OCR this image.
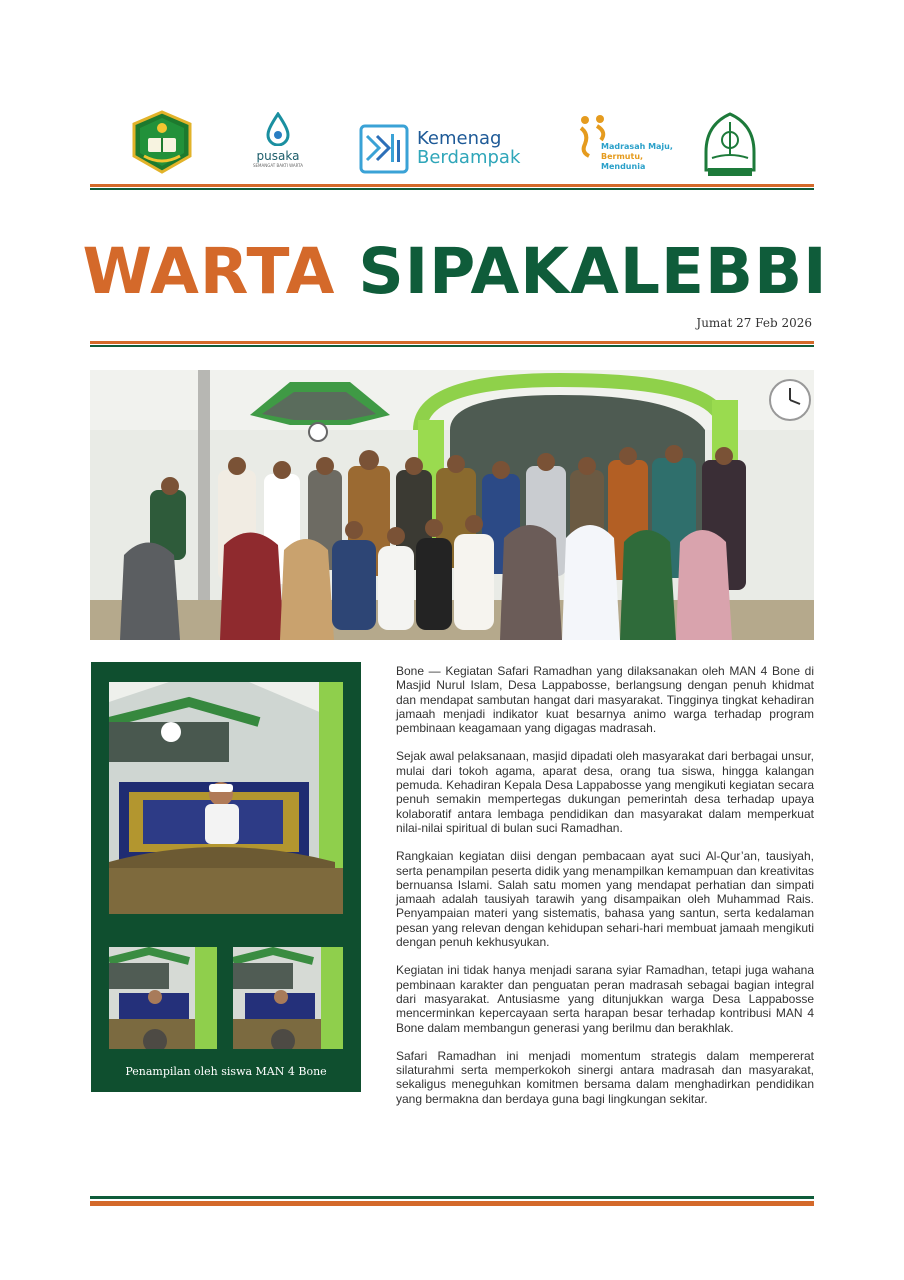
pusaka
SEMANGAT BAKTI WARTA
Kemenag
Berdampak
Madrasah Maju,
Bermutu,
Mendunia
WARTA SIPAKALEBBI
Jumat 27 Feb 2026
Penampilan oleh siswa MAN 4 Bone

Bone — Kegiatan Safari Ramadhan yang dilaksanakan oleh MAN 4 Bone di Masjid Nurul Islam, Desa Lappabosse, berlangsung dengan penuh khidmat dan mendapat sambutan hangat dari masyarakat. Tingginya tingkat kehadiran jamaah menjadi indikator kuat besarnya animo warga terhadap program pembinaan keagamaan yang digagas madrasah.

Sejak awal pelaksanaan, masjid dipadati oleh masyarakat dari berbagai unsur, mulai dari tokoh agama, aparat desa, orang tua siswa, hingga kalangan pemuda. Kehadiran Kepala Desa Lappabosse yang mengikuti kegiatan secara penuh semakin mempertegas dukungan pemerintah desa terhadap upaya kolaboratif antara lembaga pendidikan dan masyarakat dalam memperkuat nilai-nilai spiritual di bulan suci Ramadhan.

Rangkaian kegiatan diisi dengan pembacaan ayat suci Al-Qur’an, tausiyah, serta penampilan peserta didik yang menampilkan kemampuan dan kreativitas bernuansa Islami. Salah satu momen yang mendapat perhatian dan simpati jamaah adalah tausiyah tarawih yang disampaikan oleh Muhammad Rais. Penyampaian materi yang sistematis, bahasa yang santun, serta kedalaman pesan yang relevan dengan kehidupan sehari-hari membuat jamaah mengikuti dengan penuh kekhusyukan.

Kegiatan ini tidak hanya menjadi sarana syiar Ramadhan, tetapi juga wahana pembinaan karakter dan penguatan peran madrasah sebagai bagian integral dari masyarakat. Antusiasme yang ditunjukkan warga Desa Lappabosse mencerminkan kepercayaan serta harapan besar terhadap kontribusi MAN 4 Bone dalam membangun generasi yang berilmu dan berakhlak.

Safari Ramadhan ini menjadi momentum strategis dalam mempererat silaturahmi serta memperkokoh sinergi antara madrasah dan masyarakat, sekaligus meneguhkan komitmen bersama dalam menghadirkan pendidikan yang bermakna dan berdaya guna bagi lingkungan sekitar.
